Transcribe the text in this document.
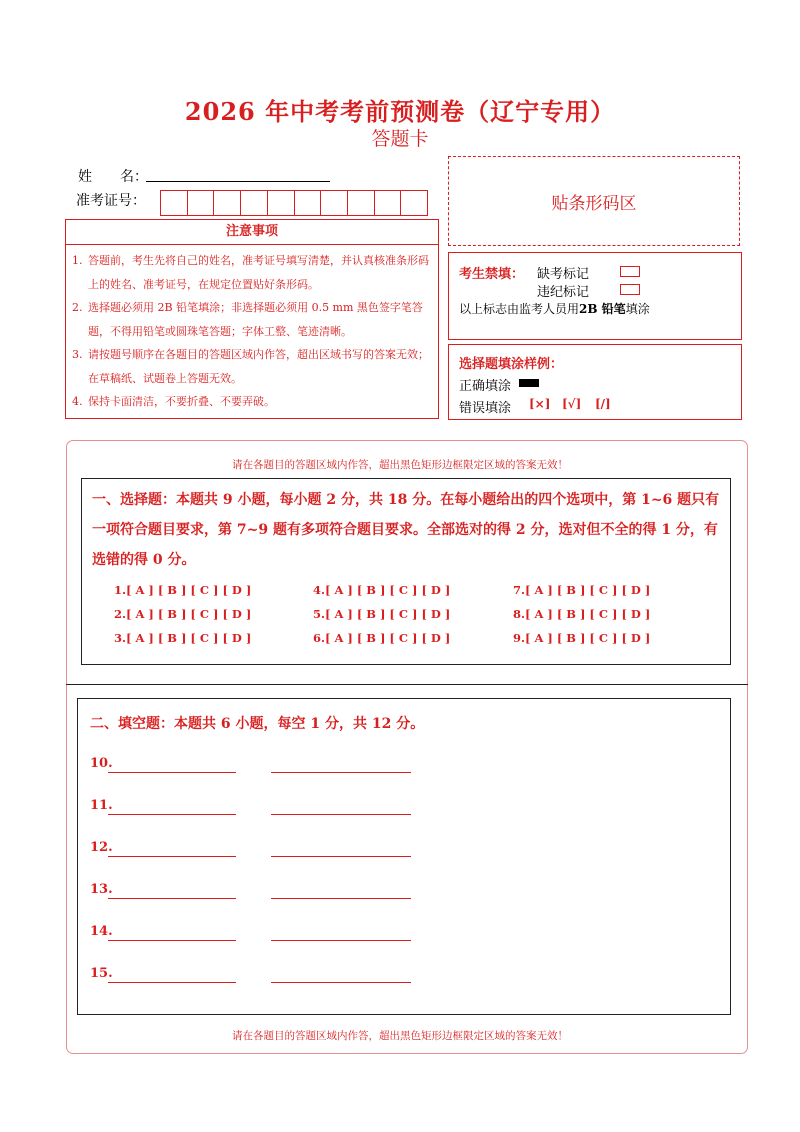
2026 年中考考前预测卷（辽宁专用）
答题卡
姓　　名：
准考证号：	贴条形码区
注意事项
1. 答题前，考生先将自己的姓名，准考证号填写清楚，并认真核准条形码上的姓名、准考证号，在规定位置贴好条形码。
2. 选择题必须用 2B 铅笔填涂；非选择题必须用 0.5 mm 黑色签字笔答题，不得用铅笔或圆珠笔答题；字体工整、笔迹清晰。
3. 请按题号顺序在各题目的答题区域内作答，超出区域书写的答案无效；在草稿纸、试题卷上答题无效。
4. 保持卡面清洁，不要折叠、不要弄破。
考生禁填： 缺考标记
违纪标记
以上标志由监考人员用2B 铅笔填涂
选择题填涂样例：
正确填涂
错误填涂 [×] [√] [/]
请在各题目的答题区域内作答，超出黑色矩形边框限定区域的答案无效！
一、选择题：本题共 9 小题，每小题 2 分，共 18 分。在每小题给出的四个选项中，第 1~6 题只有一项符合题目要求，第 7~9 题有多项符合题目要求。全部选对的得 2 分，选对但不全的得 1 分，有选错的得 0 分。
1.[ A ] [ B ] [ C ] [ D ]
2.[ A ] [ B ] [ C ] [ D ]
3.[ A ] [ B ] [ C ] [ D ]
4.[ A ] [ B ] [ C ] [ D ]
5.[ A ] [ B ] [ C ] [ D ]
6.[ A ] [ B ] [ C ] [ D ]
7.[ A ] [ B ] [ C ] [ D ]
8.[ A ] [ B ] [ C ] [ D ]
9.[ A ] [ B ] [ C ] [ D ]
二、填空题：本题共 6 小题，每空 1 分，共 12 分。
10.
11.
12.
13.
14.
15.
请在各题目的答题区域内作答，超出黑色矩形边框限定区域的答案无效！
